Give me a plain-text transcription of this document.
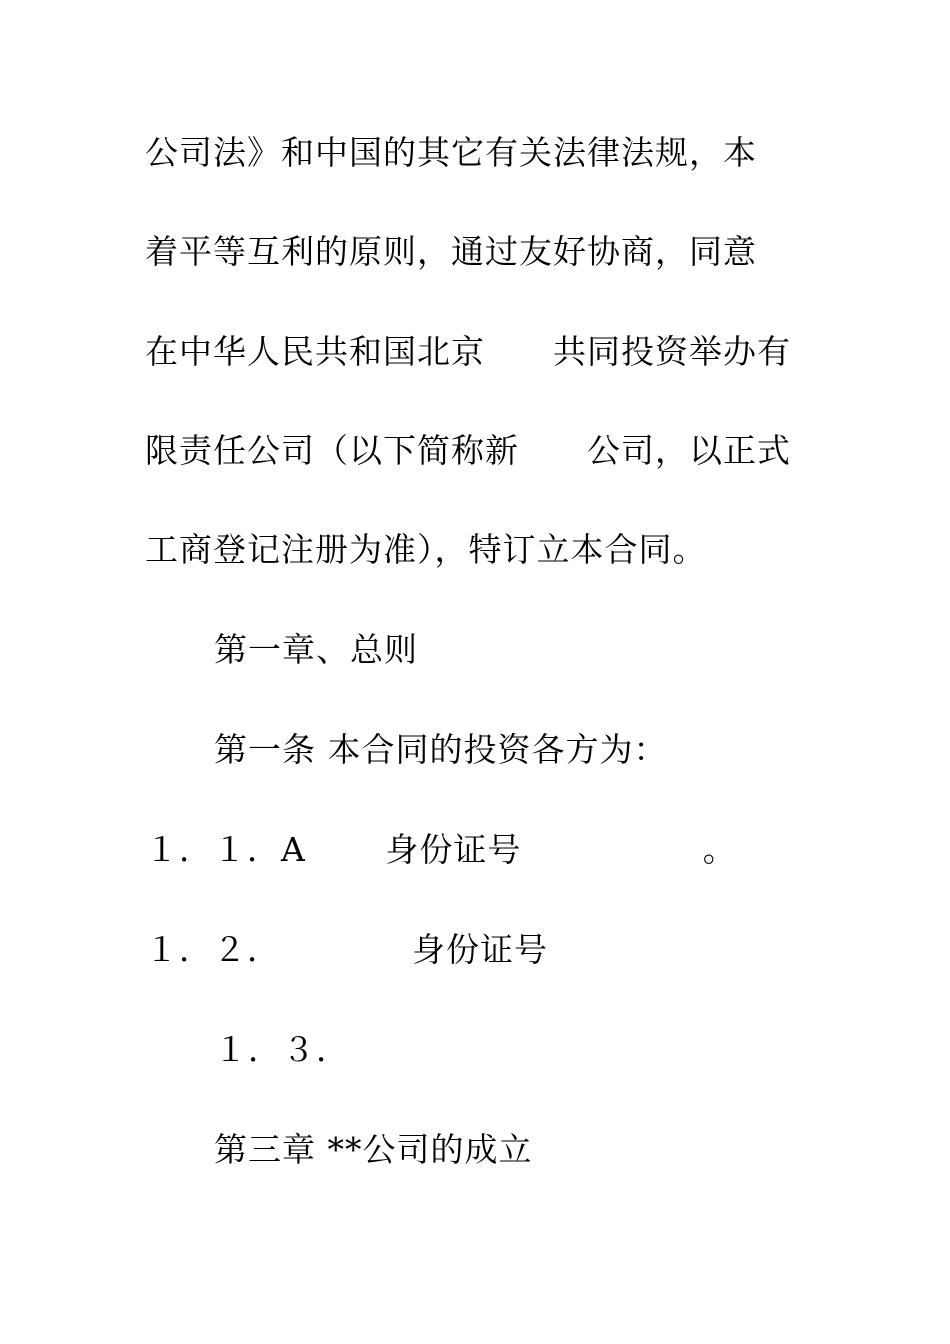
公司法》和中国的其它有关法律法规，本
着平等互利的原则，通过友好协商，同意
在中华人民共和国北京　　共同投资举办有
限责任公司（以下简称新　　公司，以正式
工商登记注册为准），特订立本合同。
第一章、总则
第一条 本合同的投资各方为：
１．１．A　　 身份证号　　　　　 。
１．２．　　　　 身份证号
１．３．
第三章 **公司的成立
